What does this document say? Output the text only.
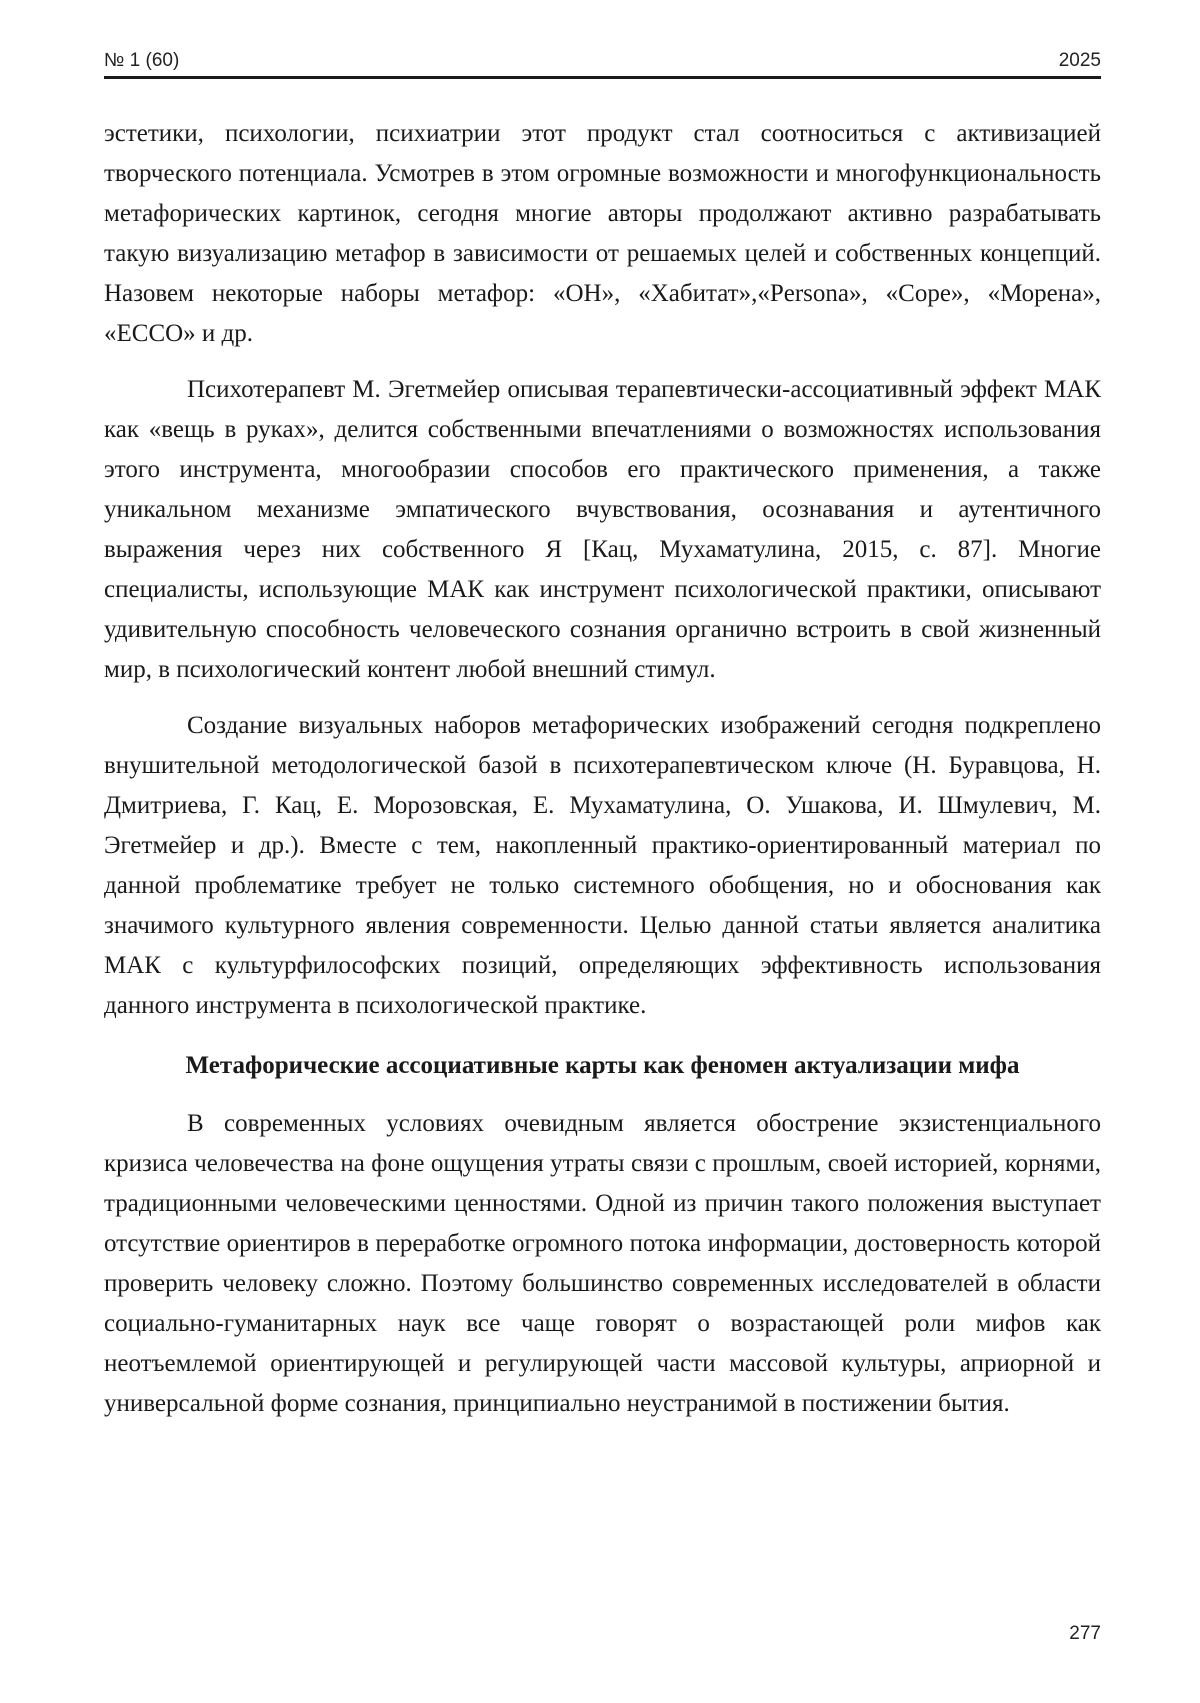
№ 1 (60)	2025

эстетики, психологии, психиатрии этот продукт стал соотноситься с активизацией творческого потенциала. Усмотрев в этом огромные возможности и многофункциональность метафорических картинок, сегодня многие авторы продолжают активно разрабатывать такую визуализацию метафор в зависимости от решаемых целей и собственных концепций. Назовем некоторые наборы метафор: «ОН», «Хабитат»,«Persona», «Cope», «Морена», «ECCO» и др.

Психотерапевт М. Эгетмейер описывая терапевтически-ассоциативный эффект МАК как «вещь в руках», делится собственными впечатлениями о возможностях использования этого инструмента, многообразии способов его практического применения, а также уникальном механизме эмпатического вчувствования, осознавания и аутентичного выражения через них собственного Я [Кац, Мухаматулина, 2015, с. 87]. Многие специалисты, использующие МАК как инструмент психологической практики, описывают удивительную способность человеческого сознания органично встроить в свой жизненный мир, в психологический контент любой внешний стимул.

Создание визуальных наборов метафорических изображений сегодня подкреплено внушительной методологической базой в психотерапевтическом ключе (Н. Буравцова, Н. Дмитриева, Г. Кац, Е. Морозовская, Е. Мухаматулина, О. Ушакова, И. Шмулевич, М. Эгетмейер и др.). Вместе с тем, накопленный практико-ориентированный материал по данной проблематике требует не только системного обобщения, но и обоснования как значимого культурного явления современности. Целью данной статьи является аналитика МАК с культурфилософских позиций, определяющих эффективность использования данного инструмента в психологической практике.

Метафорические ассоциативные карты как феномен актуализации мифа

В современных условиях очевидным является обострение экзистенциального кризиса человечества на фоне ощущения утраты связи с прошлым, своей историей, корнями, традиционными человеческими ценностями. Одной из причин такого положения выступает отсутствие ориентиров в переработке огромного потока информации, достоверность которой проверить человеку сложно. Поэтому большинство современных исследователей в области социально-гуманитарных наук все чаще говорят о возрастающей роли мифов как неотъемлемой ориентирующей и регулирующей части массовой культуры, априорной и универсальной форме сознания, принципиально неустранимой в постижении бытия.

277
